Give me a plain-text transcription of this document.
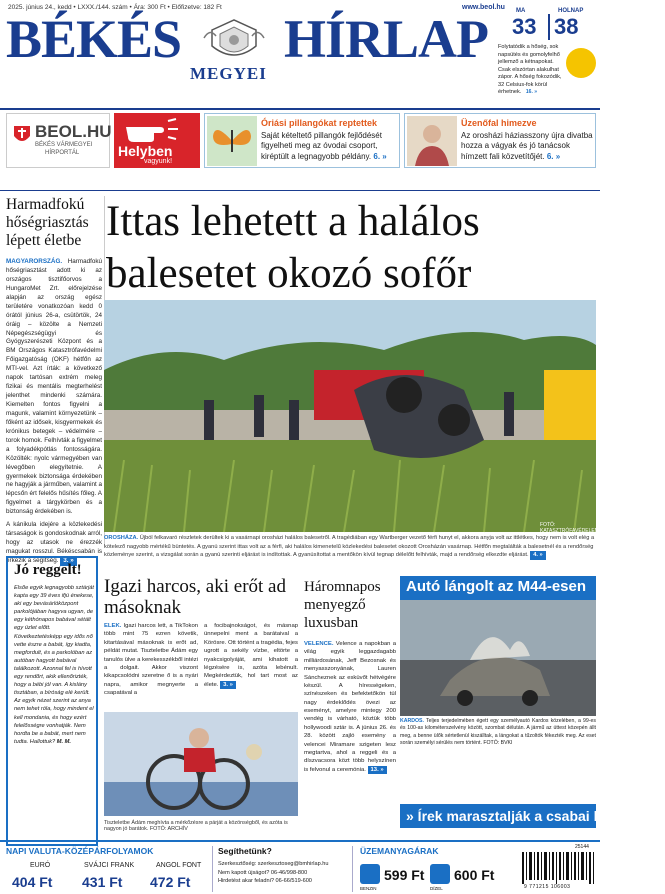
2025. június 24., kedd • LXXX./144. szám • Ára: 300 Ft • Előfizetve: 182 Ft	www.beol.hu
BÉKÉS
MEGYEI
HÍRLAP	MA	HOLNAP
33 38
Folytatódik a hőség, sok napsütés és gomolyfelhő jellemző a kétnapokat. Csak elszórtan alakulhat zápor. A hőség fokozódik, 32 Celsius-fok körül érhetnek. 16. »
BEOL.HU
BÉKÉS VÁRMEGYEI
HÍRPORTÁL	Helyben
vagyunk!
Óriási pillangókat reptettek
Saját kételtető pillangók fejlődését figyelheti meg az óvodai csoport, kiréptült a legnagyobb példány. 6. »
Üzenőfal himezve
Az orosházi háziasszony újra divatba hozza a vágyak és jó tanácsok hímzett fali közvetítőjét. 6. »
Harmadfokú hőségriasztás lépett életbe
MAGYARORSZÁG. Harmadfokú hőségriasztást adott ki az országos tisztifőorvos a HungaroMet Zrt. előrejelzése alapján az ország egész területére vonatkozóan kedd 0 órától június 26-a, csütörtök, 24 óráig – közölte a Nemzeti Népegészségügyi és Gyógyszerészeti Központ és a BM Országos Katasztrófavédelmi Főigazgatóság (OKF) hétfőn az MTI-vel. Azt írták: a következő napok tartósan extrém meleg fizikai és mentális megterhelést jelenthet mindenki számára. Kiemelten fontos figyelni a magunk, valamint környezetünk – főként az idősek, kisgyermekek és krónikus betegek – védelmére – torok homok. Felhívták a figyelmet a folyadékpótlás fontosságára. Közölték: nyolc vármegyében van lévegőben elegyítetnie. A gyermekek biztonsága érdekében ne hagyják a járműben, valamint a lépcsőn ért felelős hűsítés főleg. A figyelmet a tárgykörben és a biztonság érdekében is.
A kánikula idejére a közlekedési társaságok is gondoskodnak arról, hogy az utasok ne érezzék magukat rosszul. Békéscsabán is érkezik a segítség. 3. »
Ittas lehetett a halálos balesetet okozó sofőr
FOTÓ: KATASZTRÓFAVÉDELEM
OROSHÁZA. Újból felkavaró részletek derültek ki a vasárnapi orosházi halálos balesetről. A tragédiában egy Wartberger vezető férfi hunyt el, akkora anyja volt az ittlétkes, hogy nem is volt elég a kötelező nagyobb mértékű büntetés. A gyanú szerint ittas volt az a férfi, aki halálos kimenetelű közlekedési balesetet okozott Orosházán vasárnap. Hétfőn megtalálták a balesetnél és a rendőrség közleménye szerint, a vizsgálat során a gyanú szerinti eljárást is indítottak. A gyanúsítottat a mentőkön kívül tegnap délelőtt felhívták, majd a rendőrség elkezdte eljárást. 4. »
Jó reggelt!
Elsőe egyik legnagyobb sztárját kapta egy 39 éves ifjú énekese, aki egy bevásárlóközpont parkolójában hagyva ugyan, de egy kéthónapos babával sétált egy üzlet előtt. Következtetésképp egy idős nő vette észre a babát, így kiadta, megfordult, és a parkolóban az autóban hagyott babával találkozott. Azonnal fel is hívott egy rendőrt, akik ellenőrizték, hogy a bébi jól van. A kislány tisztában, a bíróság elé került. Az egyik nézet szerint az anya nem tehet róla, hogy mindent el kell mondania, és hogy ezért felelősségre vonhatják. Nem hordta be a babát, mert nem tudta. Hallottuk? M. M.
Igazi harcos, aki erőt ad másoknak
ELEK. Igazi harcos lett, a TikTokon több mint 75 ezren követik, kitartásával másoknak is erőt ad, példát mutat. Tiszteletbe Ádám egy tanulós ülve a kerekesszékből intézi a dolgait. Akkor viszont kikapcsolódni szeretne ő is a nyári napra, amikor megnyerte a csapatával a
a focibajnokságot, és másnap ünnepelni ment a barátaival a Körösre. Ott történt a tragédia, fejes ugrott a sekély vízbe, eltörte a nyakcsigolyáját, ami kihatott a légzésére is, azóta lebénult. Megkérdeztük, hol tart most az élete. 3. »
Tiszteletbe Ádám meghívta a mérkőzésre a párját a közönségből, és azóta is nagyon jó barátok. FOTÓ: ARCHÍV
Háromnapos menyegző luxusban
VELENCE. Velence a napokban a világ egyik leggazdagabb milliárdosának, Jeff Bezosnak és menyasszonyának, Lauren Sáncheznek az esküvőt hétvégére készül. A hírességeken, színészeken és befektetőkön túl nagy érdeklődés övezi az eseményt, amelyre mintegy 200 vendég is várható, köztük több hollywoodi sztár is. A június 26. és 28. között zajló esemény a velencei Miramare szigeten lesz megtartva, ahol a reggeli és a díszvacsora közt több helyszínen is felvonul a ceremónia. 13. »
Autó lángolt az M44-esen
KARDOS. Teljes terjedelmében égett egy személyautó Kardos közelében, a 99-es és 100-as kilométerszelvény között, szombat délután. A jármű az úttest közepén állt meg, a benne ülők sértetlenül kiszálltak, a lángokat a tűzoltók fékezték meg. Az eset során személyi sérülés nem történt. FOTÓ: BVKI
» Írek marasztalják a csabai kapust 16. »
NAPI VALUTA-KÖZÉPÁRFOLYAMOK
EURÓ
404 Ft
SVÁJCI FRANK
431 Ft
ANGOL FONT
472 Ft
Segíthetünk?
Szerkesztőség: szerkesztoseg@bmhirlap.hu
Nem kapott újságot? 06-46/998-800
Hirdetést akar feladni? 06-66/519-600
ÜZEMANYAGÁRAK
BENZIN
599 Ft
DÍZEL
600 Ft
25144
9 771215 106003
